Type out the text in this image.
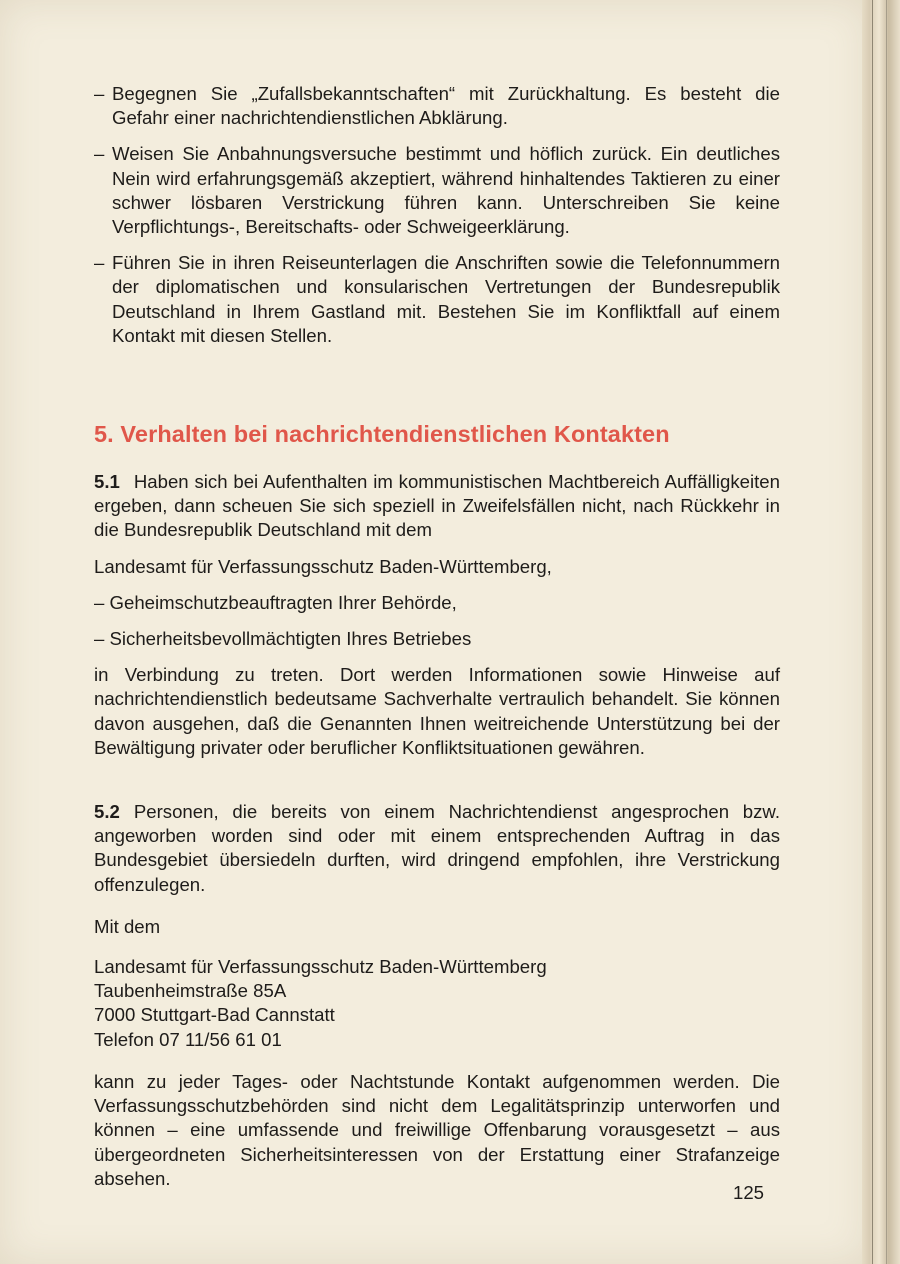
– Begegnen Sie „Zufallsbekanntschaften“ mit Zurückhaltung. Es besteht die Gefahr einer nachrichtendienstlichen Abklärung.
– Weisen Sie Anbahnungsversuche bestimmt und höflich zurück. Ein deutliches Nein wird erfahrungsgemäß akzeptiert, während hinhaltendes Taktieren zu einer schwer lösbaren Verstrickung führen kann. Unterschreiben Sie keine Verpflichtungs-, Bereitschafts- oder Schweigeerklärung.
– Führen Sie in ihren Reiseunterlagen die Anschriften sowie die Telefonnummern der diplomatischen und konsularischen Vertretungen der Bundesrepublik Deutschland in Ihrem Gastland mit. Bestehen Sie im Konfliktfall auf einem Kontakt mit diesen Stellen.
5. Verhalten bei nachrichtendienstlichen Kontakten
5.1 Haben sich bei Aufenthalten im kommunistischen Machtbereich Auffälligkeiten ergeben, dann scheuen Sie sich speziell in Zweifelsfällen nicht, nach Rückkehr in die Bundesrepublik Deutschland mit dem
Landesamt für Verfassungsschutz Baden-Württemberg,
– Geheimschutzbeauftragten Ihrer Behörde,
– Sicherheitsbevollmächtigten Ihres Betriebes
in Verbindung zu treten. Dort werden Informationen sowie Hinweise auf nachrichtendienstlich bedeutsame Sachverhalte vertraulich behandelt. Sie können davon ausgehen, daß die Genannten Ihnen weitreichende Unterstützung bei der Bewältigung privater oder beruflicher Konfliktsituationen gewähren.
5.2 Personen, die bereits von einem Nachrichtendienst angesprochen bzw. angeworben worden sind oder mit einem entsprechenden Auftrag in das Bundesgebiet übersiedeln durften, wird dringend empfohlen, ihre Verstrickung offenzulegen.
Mit dem
Landesamt für Verfassungsschutz Baden-Württemberg
Taubenheimstraße 85A
7000 Stuttgart-Bad Cannstatt
Telefon 07 11/56 61 01
kann zu jeder Tages- oder Nachtstunde Kontakt aufgenommen werden. Die Verfassungsschutzbehörden sind nicht dem Legalitätsprinzip unterworfen und können – eine umfassende und freiwillige Offenbarung vorausgesetzt – aus übergeordneten Sicherheitsinteressen von der Erstattung einer Strafanzeige absehen.
125
